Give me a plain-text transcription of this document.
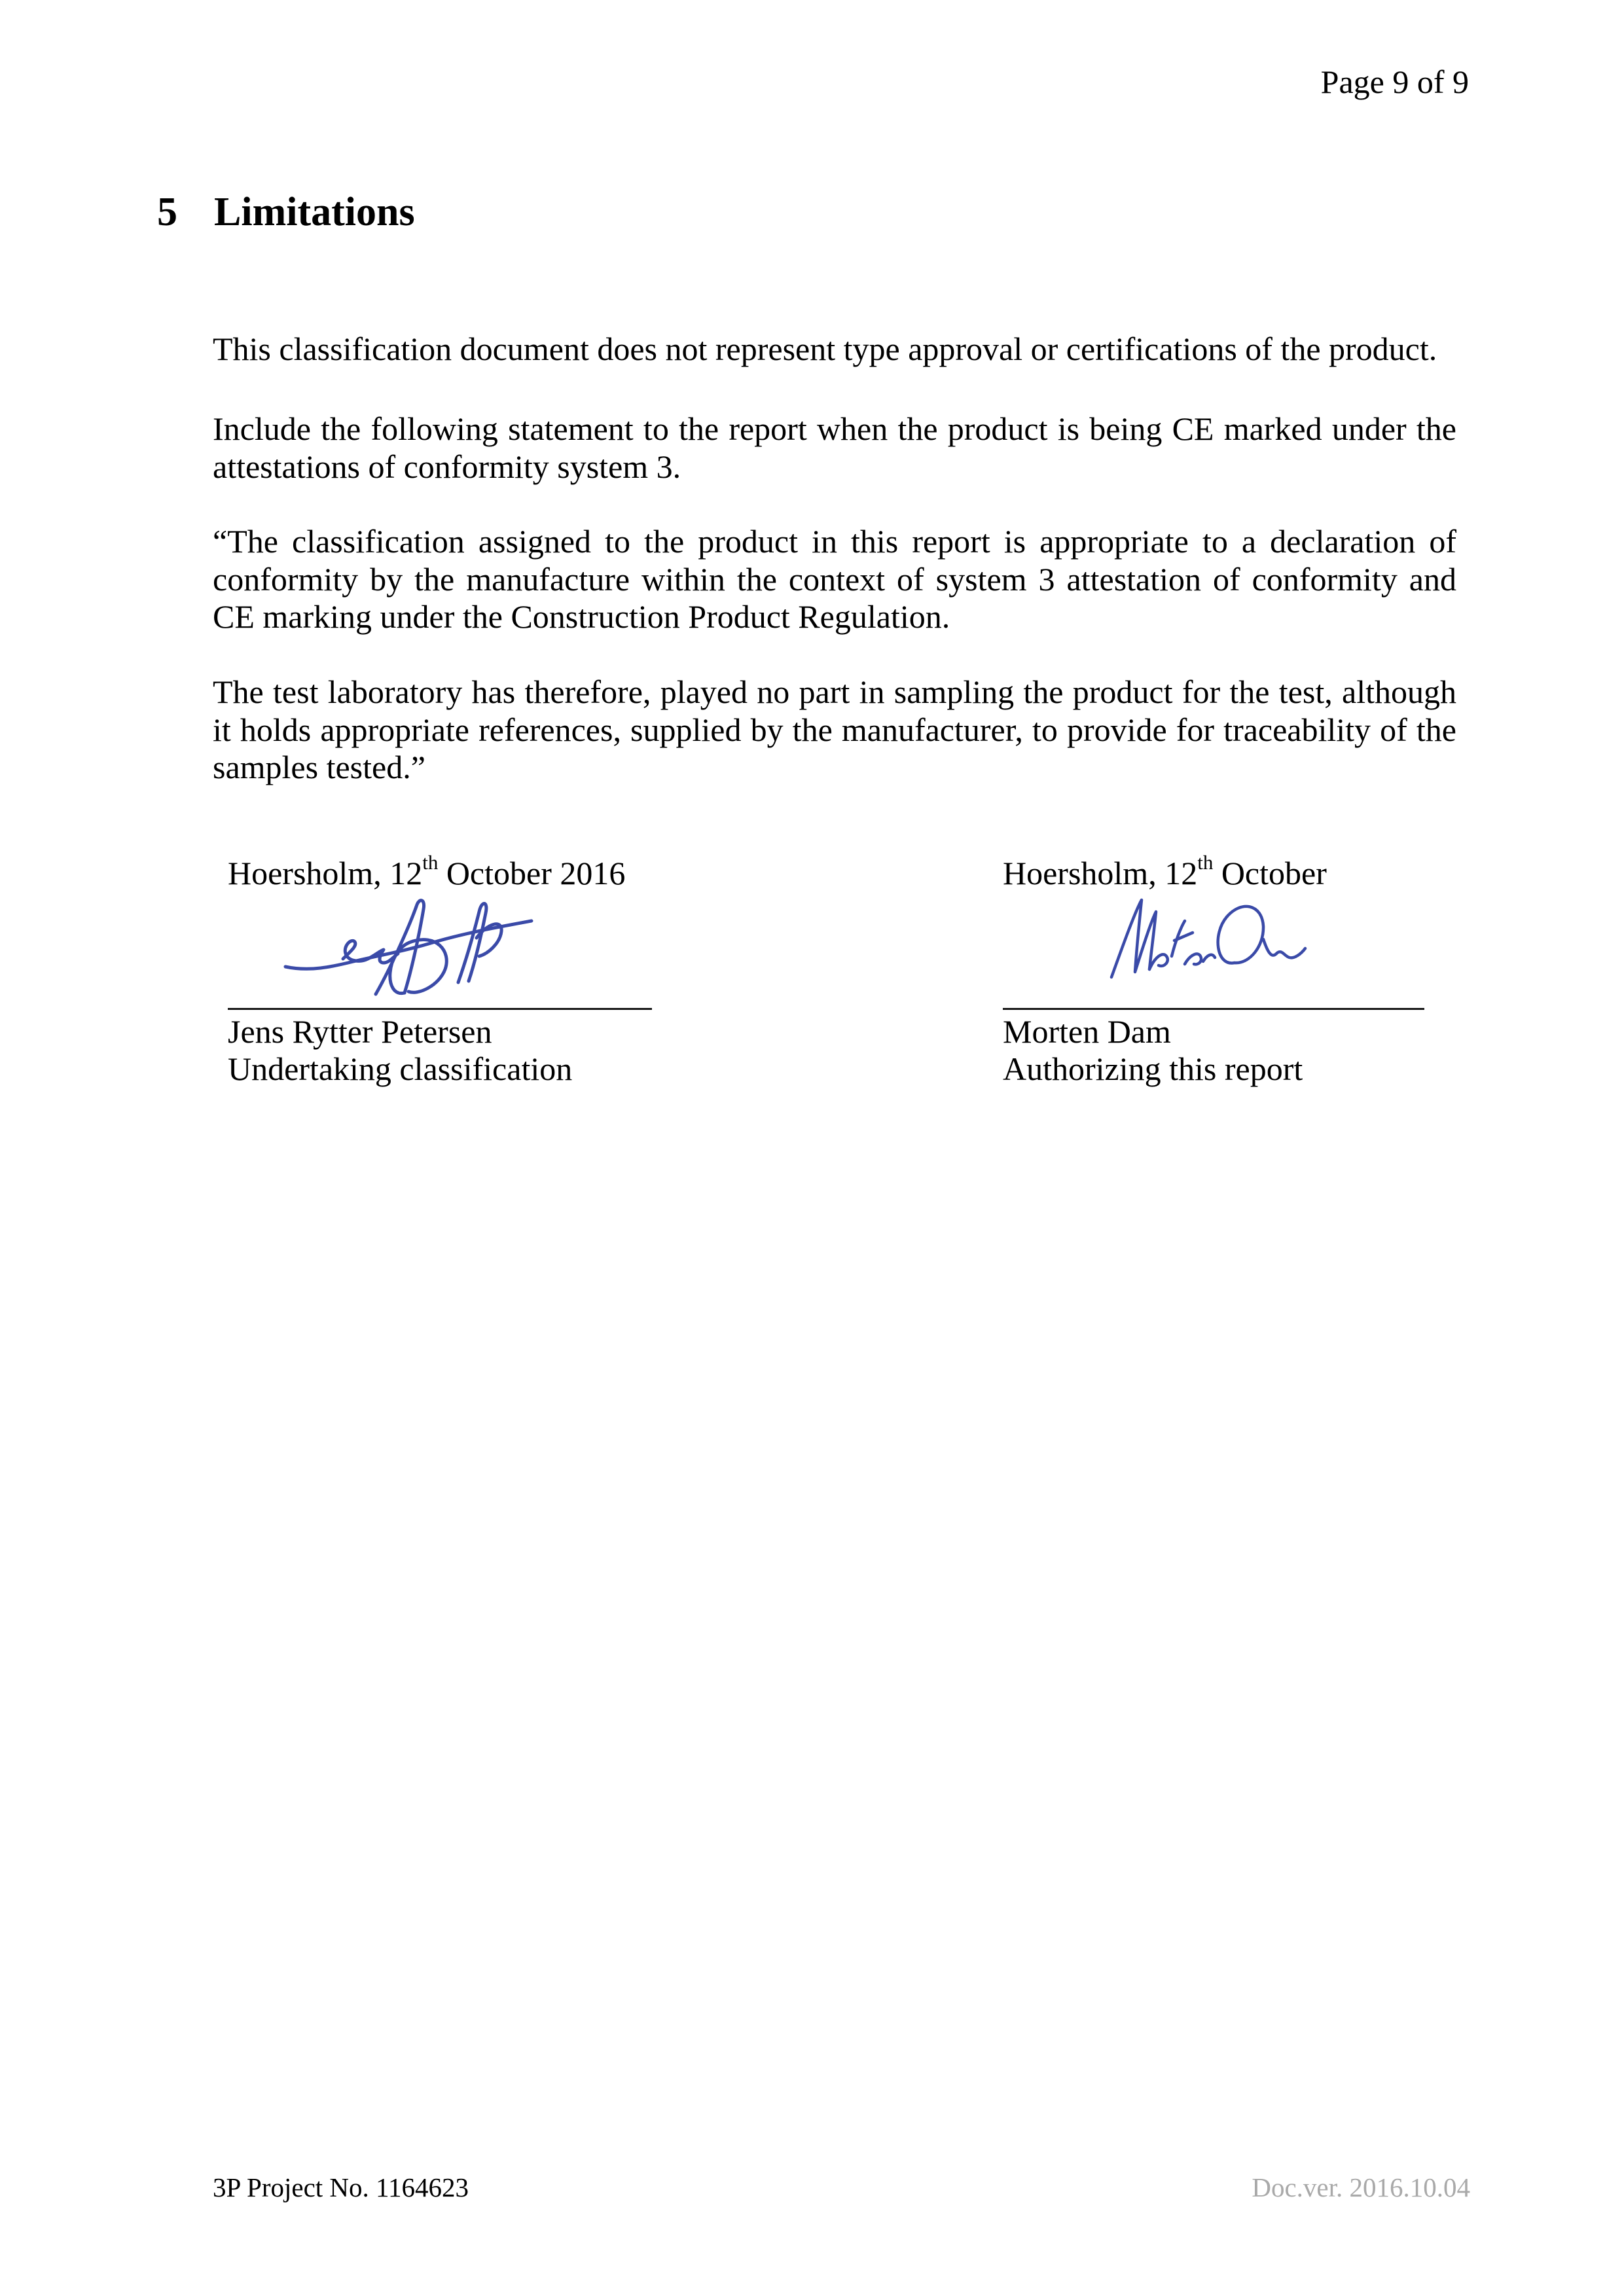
Page 9 of 9
5 Limitations

This classification document does not represent type approval or certifications of the product.

Include the following statement to the report when the product is being CE marked under the attestations of conformity system 3.

“The classification assigned to the product in this report is appropriate to a declaration of conformity by the manufacture within the context of system 3 attestation of conformity and CE marking under the Construction Product Regulation.

The test laboratory has therefore, played no part in sampling the product for the test, although it holds appropriate references, supplied by the manufacturer, to provide for traceability of the samples tested.”

Hoersholm, 12th October 2016
Jens Rytter Petersen
Undertaking classification
Hoersholm, 12th October
Morten Dam
Authorizing this report
3P Project No. 1164623	Doc.ver. 2016.10.04
